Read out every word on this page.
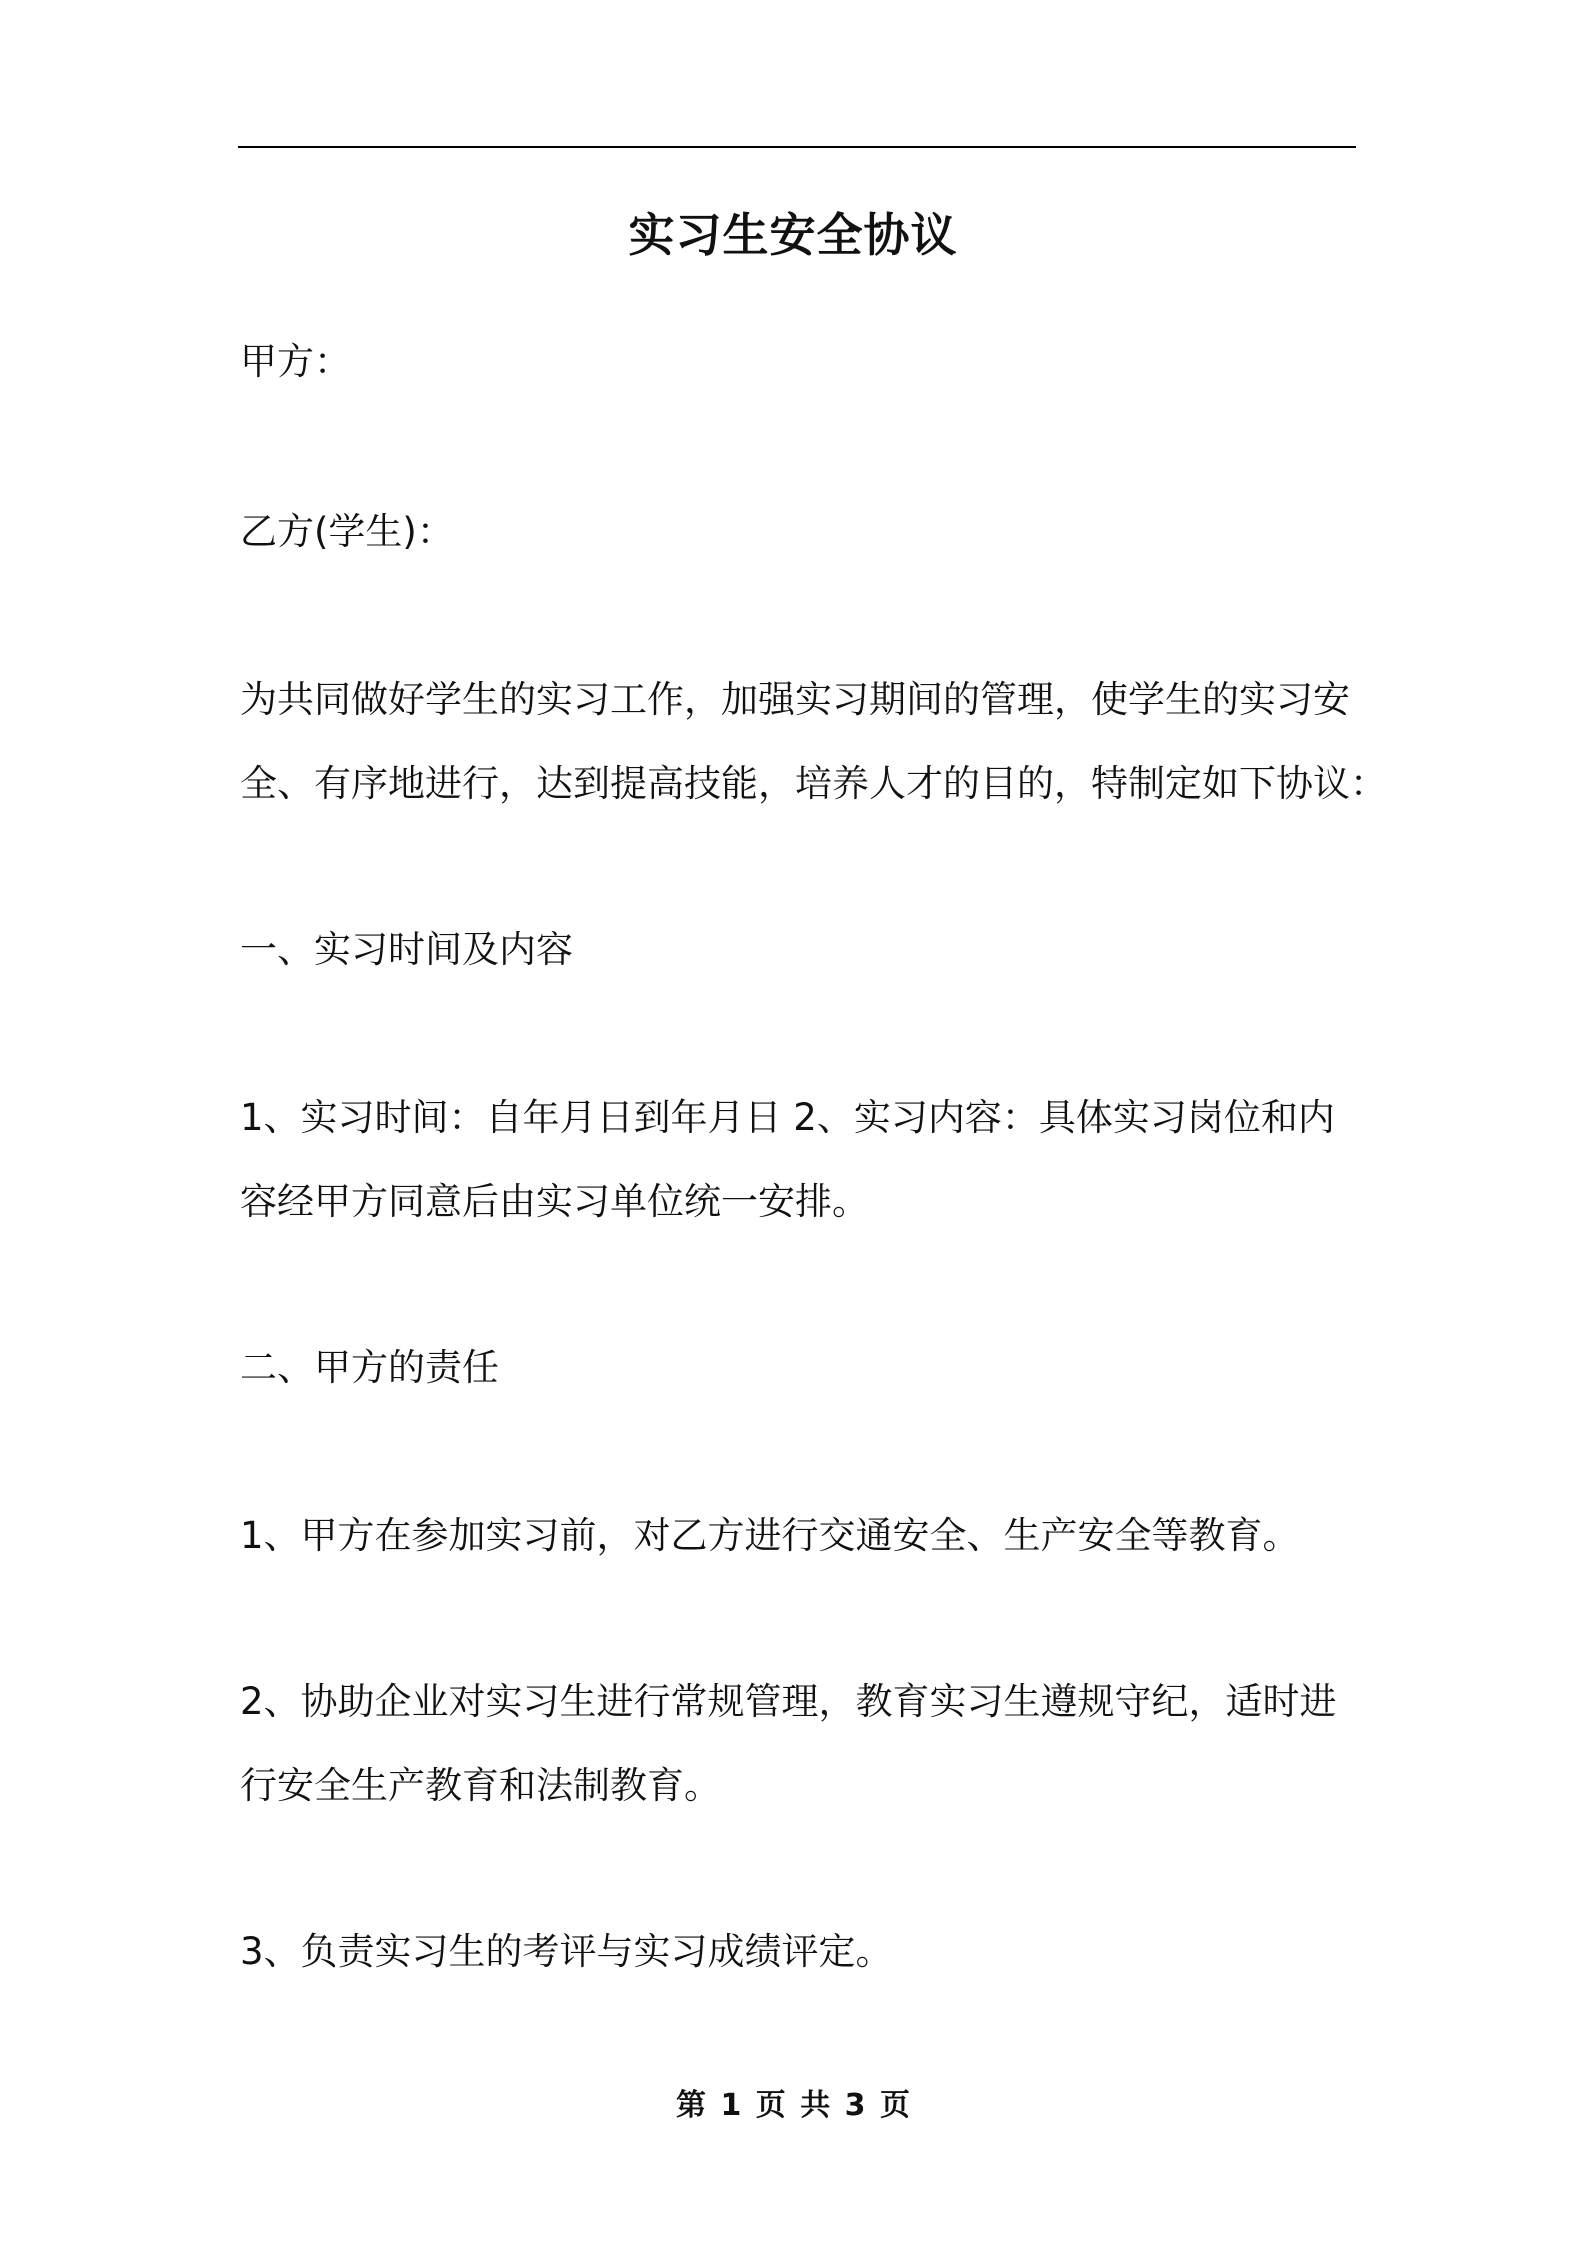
实习生安全协议
甲方：
乙方(学生)：
为共同做好学生的实习工作，加强实习期间的管理，使学生的实习安
全、有序地进行，达到提高技能，培养人才的目的，特制定如下协议：
一、实习时间及内容
1、实习时间：自年月日到年月日 2、实习内容：具体实习岗位和内
容经甲方同意后由实习单位统一安排。
二、甲方的责任
1、甲方在参加实习前，对乙方进行交通安全、生产安全等教育。
2、协助企业对实习生进行常规管理，教育实习生遵规守纪，适时进
行安全生产教育和法制教育。
3、负责实习生的考评与实习成绩评定。
第 1 页 共 3 页
